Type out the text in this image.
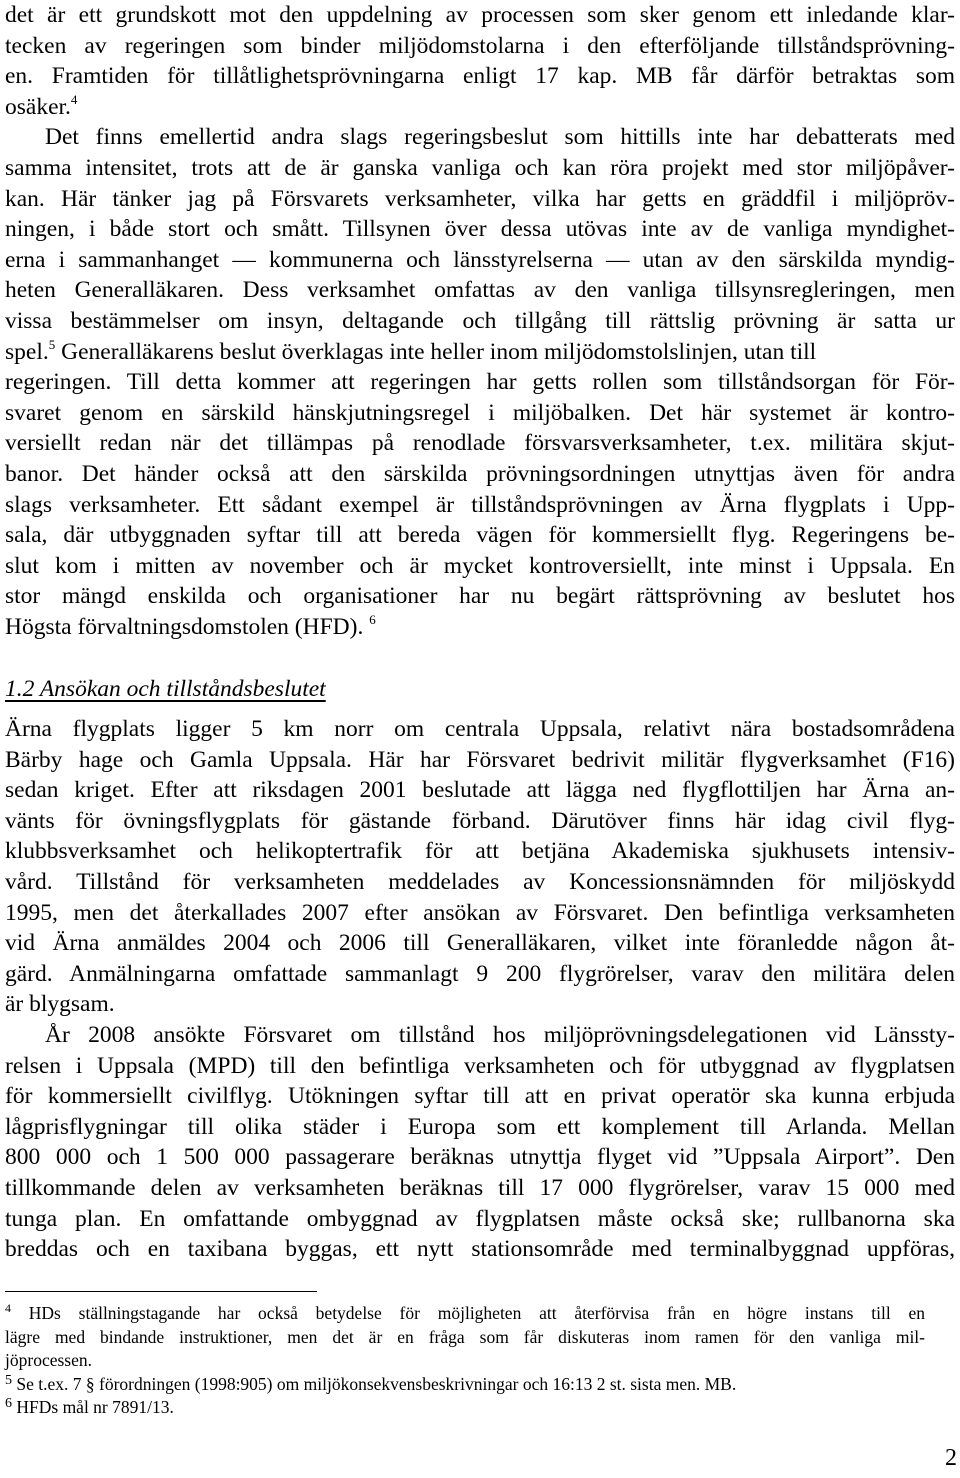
det är ett grundskott mot den uppdelning av processen som sker genom ett inledande klar-
tecken av regeringen som binder miljödomstolarna i den efterföljande tillståndsprövning-
en. Framtiden för tillåtlighetsprövningarna enligt 17 kap. MB får därför betraktas som
osäker.$^4$
Det finns emellertid andra slags regeringsbeslut som hittills inte har debatterats med
samma intensitet, trots att de är ganska vanliga och kan röra projekt med stor miljöpåver-
kan. Här tänker jag på Försvarets verksamheter, vilka har getts en gräddfil i miljöpröv-
ningen, i både stort och smått. Tillsynen över dessa utövas inte av de vanliga myndighet-
erna i sammanhanget — kommunerna och länsstyrelserna — utan av den särskilda myndig-
heten Generalläkaren. Dess verksamhet omfattas av den vanliga tillsynsregleringen, men
vissa bestämmelser om insyn, deltagande och tillgång till rättslig prövning är satta ur
spel.$^5$ Generalläkarens beslut överklagas inte heller inom miljödomstolslinjen, utan till
regeringen. Till detta kommer att regeringen har getts rollen som tillståndsorgan för För-
svaret genom en särskild hänskjutningsregel i miljöbalken. Det här systemet är kontro-
versiellt redan när det tillämpas på renodlade försvarsverksamheter, t.ex. militära skjut-
banor. Det händer också att den särskilda prövningsordningen utnyttjas även för andra
slags verksamheter. Ett sådant exempel är tillståndsprövningen av Ärna flygplats i Upp-
sala, där utbyggnaden syftar till att bereda vägen för kommersiellt flyg. Regeringens be-
slut kom i mitten av november och är mycket kontroversiellt, inte minst i Uppsala. En
stor mängd enskilda och organisationer har nu begärt rättsprövning av beslutet hos
Högsta förvaltningsdomstolen (HFD). $^6$
1.2 Ansökan och tillståndsbeslutet
Ärna flygplats ligger 5 km norr om centrala Uppsala, relativt nära bostadsområdena
Bärby hage och Gamla Uppsala. Här har Försvaret bedrivit militär flygverksamhet (F16)
sedan kriget. Efter att riksdagen 2001 beslutade att lägga ned flygflottiljen har Ärna an-
vänts för övningsflygplats för gästande förband. Därutöver finns här idag civil flyg-
klubbsverksamhet och helikoptertrafik för att betjäna Akademiska sjukhusets intensiv-
vård. Tillstånd för verksamheten meddelades av Koncessionsnämnden för miljöskydd
1995, men det återkallades 2007 efter ansökan av Försvaret. Den befintliga verksamheten
vid Ärna anmäldes 2004 och 2006 till Generalläkaren, vilket inte föranledde någon åt-
gärd. Anmälningarna omfattade sammanlagt 9 200 flygrörelser, varav den militära delen
är blygsam.
År 2008 ansökte Försvaret om tillstånd hos miljöprövningsdelegationen vid Länssty-
relsen i Uppsala (MPD) till den befintliga verksamheten och för utbyggnad av flygplatsen
för kommersiellt civilflyg. Utökningen syftar till att en privat operatör ska kunna erbjuda
lågprisflygningar till olika städer i Europa som ett komplement till Arlanda. Mellan
800 000 och 1 500 000 passagerare beräknas utnyttja flyget vid ”Uppsala Airport”. Den
tillkommande delen av verksamheten beräknas till 17 000 flygrörelser, varav 15 000 med
tunga plan. En omfattande ombyggnad av flygplatsen måste också ske; rullbanorna ska
breddas och en taxibana byggas, ett nytt stationsområde med terminalbyggnad uppföras,
$^4$ HDs ställningstagande har också betydelse för möjligheten att återförvisa från en högre instans till en
lägre med bindande instruktioner, men det är en fråga som får diskuteras inom ramen för den vanliga mil-
jöprocessen.
$^5$ Se t.ex. 7 § förordningen (1998:905) om miljökonsekvensbeskrivningar och 16:13 2 st. sista men. MB.
$^6$ HFDs mål nr 7891/13.
2
